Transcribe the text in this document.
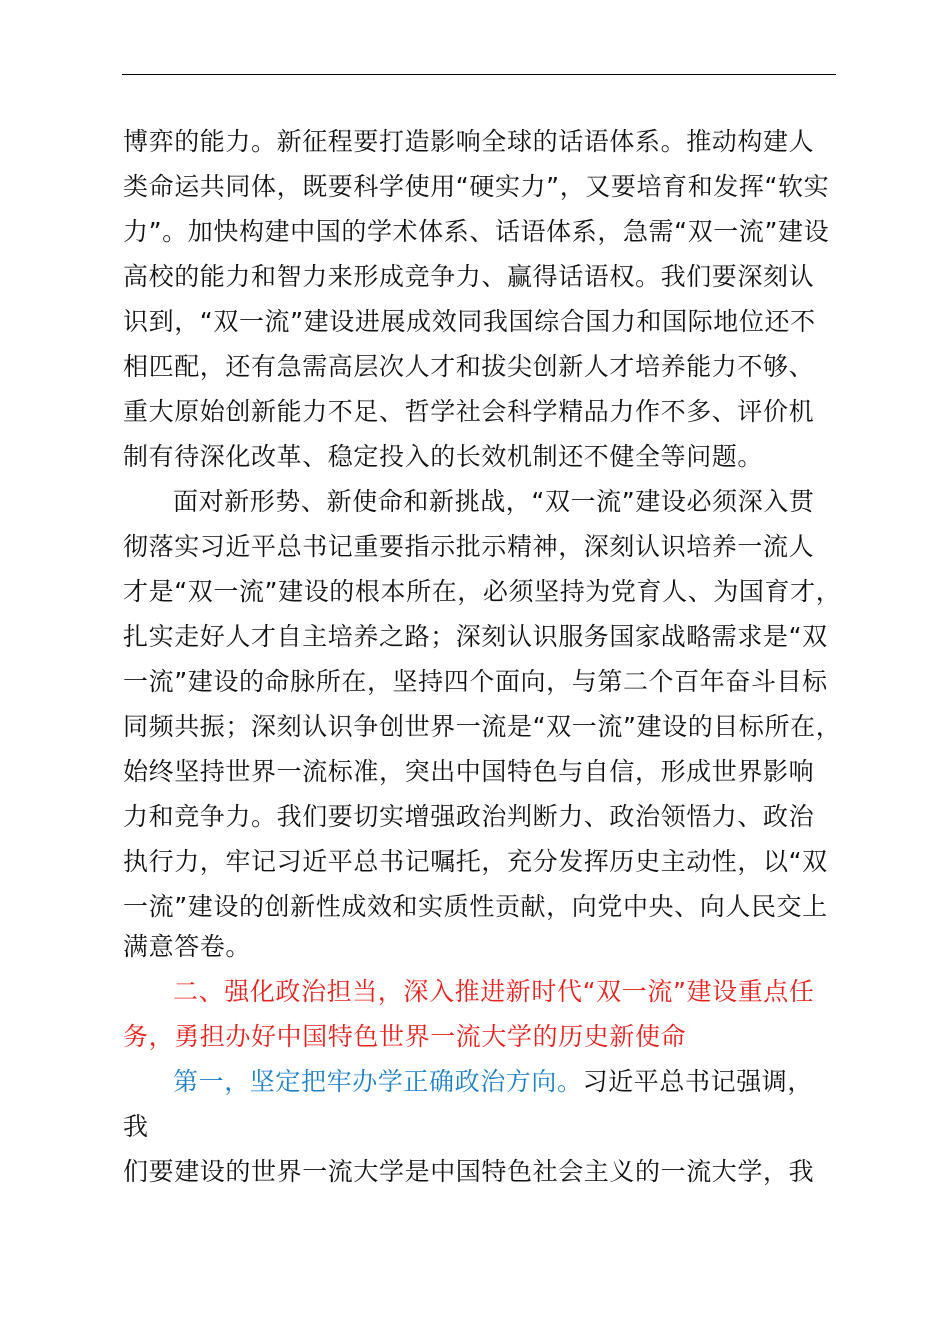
博弈的能力。新征程要打造影响全球的话语体系。推动构建人
类命运共同体，既要科学使用“硬实力”，又要培育和发挥“软实
力”。加快构建中国的学术体系、话语体系，急需“双一流”建设
高校的能力和智力来形成竞争力、赢得话语权。我们要深刻认
识到，“双一流”建设进展成效同我国综合国力和国际地位还不
相匹配，还有急需高层次人才和拔尖创新人才培养能力不够、
重大原始创新能力不足、哲学社会科学精品力作不多、评价机
制有待深化改革、稳定投入的长效机制还不健全等问题。
面对新形势、新使命和新挑战，“双一流”建设必须深入贯
彻落实习近平总书记重要指示批示精神，深刻认识培养一流人
才是“双一流”建设的根本所在，必须坚持为党育人、为国育才，
扎实走好人才自主培养之路；深刻认识服务国家战略需求是“双
一流”建设的命脉所在，坚持四个面向，与第二个百年奋斗目标
同频共振；深刻认识争创世界一流是“双一流”建设的目标所在，
始终坚持世界一流标准，突出中国特色与自信，形成世界影响
力和竞争力。我们要切实增强政治判断力、政治领悟力、政治
执行力，牢记习近平总书记嘱托，充分发挥历史主动性，以“双
一流”建设的创新性成效和实质性贡献，向党中央、向人民交上
满意答卷。
二、强化政治担当，深入推进新时代“双一流”建设重点任
务，勇担办好中国特色世界一流大学的历史新使命
第一，坚定把牢办学正确政治方向。习近平总书记强调，
我
们要建设的世界一流大学是中国特色社会主义的一流大学，我
